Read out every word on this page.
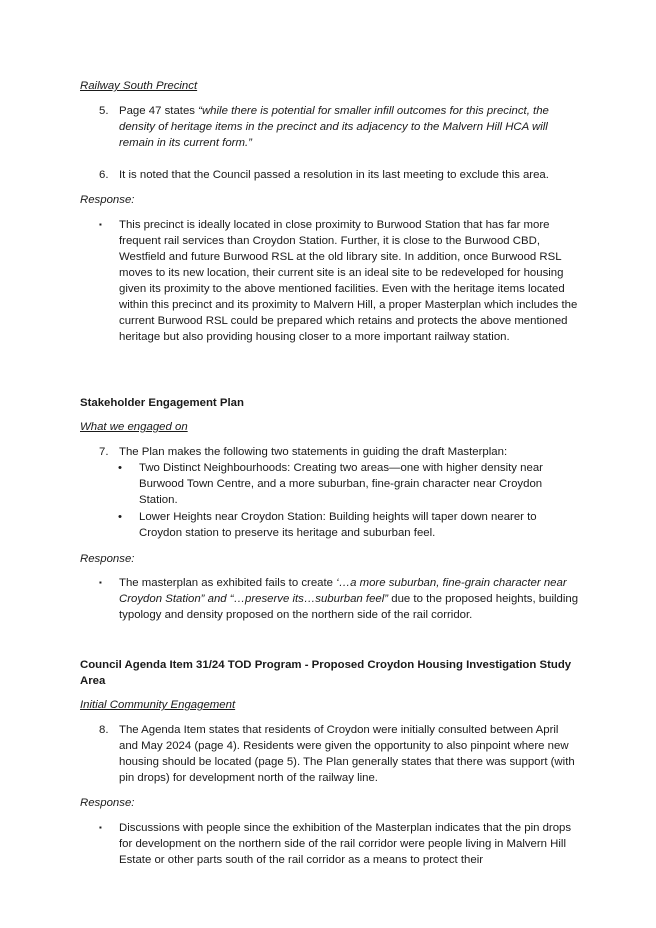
Railway South Precinct
5. Page 47 states “while there is potential for smaller infill outcomes for this precinct, the density of heritage items in the precinct and its adjacency to the Malvern Hill HCA will remain in its current form.”
6. It is noted that the Council passed a resolution in its last meeting to exclude this area.
Response:
▪	This precinct is ideally located in close proximity to Burwood Station that has far more frequent rail services than Croydon Station. Further, it is close to the Burwood CBD, Westfield and future Burwood RSL at the old library site. In addition, once Burwood RSL moves to its new location, their current site is an ideal site to be redeveloped for housing given its proximity to the above mentioned facilities. Even with the heritage items located within this precinct and its proximity to Malvern Hill, a proper Masterplan which includes the current Burwood RSL could be prepared which retains and protects the above mentioned heritage but also providing housing closer to a more important railway station.
Stakeholder Engagement Plan
What we engaged on
7. The Plan makes the following two statements in guiding the draft Masterplan:
•	Two Distinct Neighbourhoods: Creating two areas—one with higher density near Burwood Town Centre, and a more suburban, fine-grain character near Croydon Station.
•	Lower Heights near Croydon Station: Building heights will taper down nearer to Croydon station to preserve its heritage and suburban feel.
Response:
▪	The masterplan as exhibited fails to create ‘…a more suburban, fine-grain character near Croydon Station” and “…preserve its…suburban feel” due to the proposed heights, building typology and density proposed on the northern side of the rail corridor.
Council Agenda Item 31/24 TOD Program - Proposed Croydon Housing Investigation Study Area
Initial Community Engagement
8. The Agenda Item states that residents of Croydon were initially consulted between April and May 2024 (page 4). Residents were given the opportunity to also pinpoint where new housing should be located (page 5). The Plan generally states that there was support (with pin drops) for development north of the railway line.
Response:
▪	Discussions with people since the exhibition of the Masterplan indicates that the pin drops for development on the northern side of the rail corridor were people living in Malvern Hill Estate or other parts south of the rail corridor as a means to protect their
